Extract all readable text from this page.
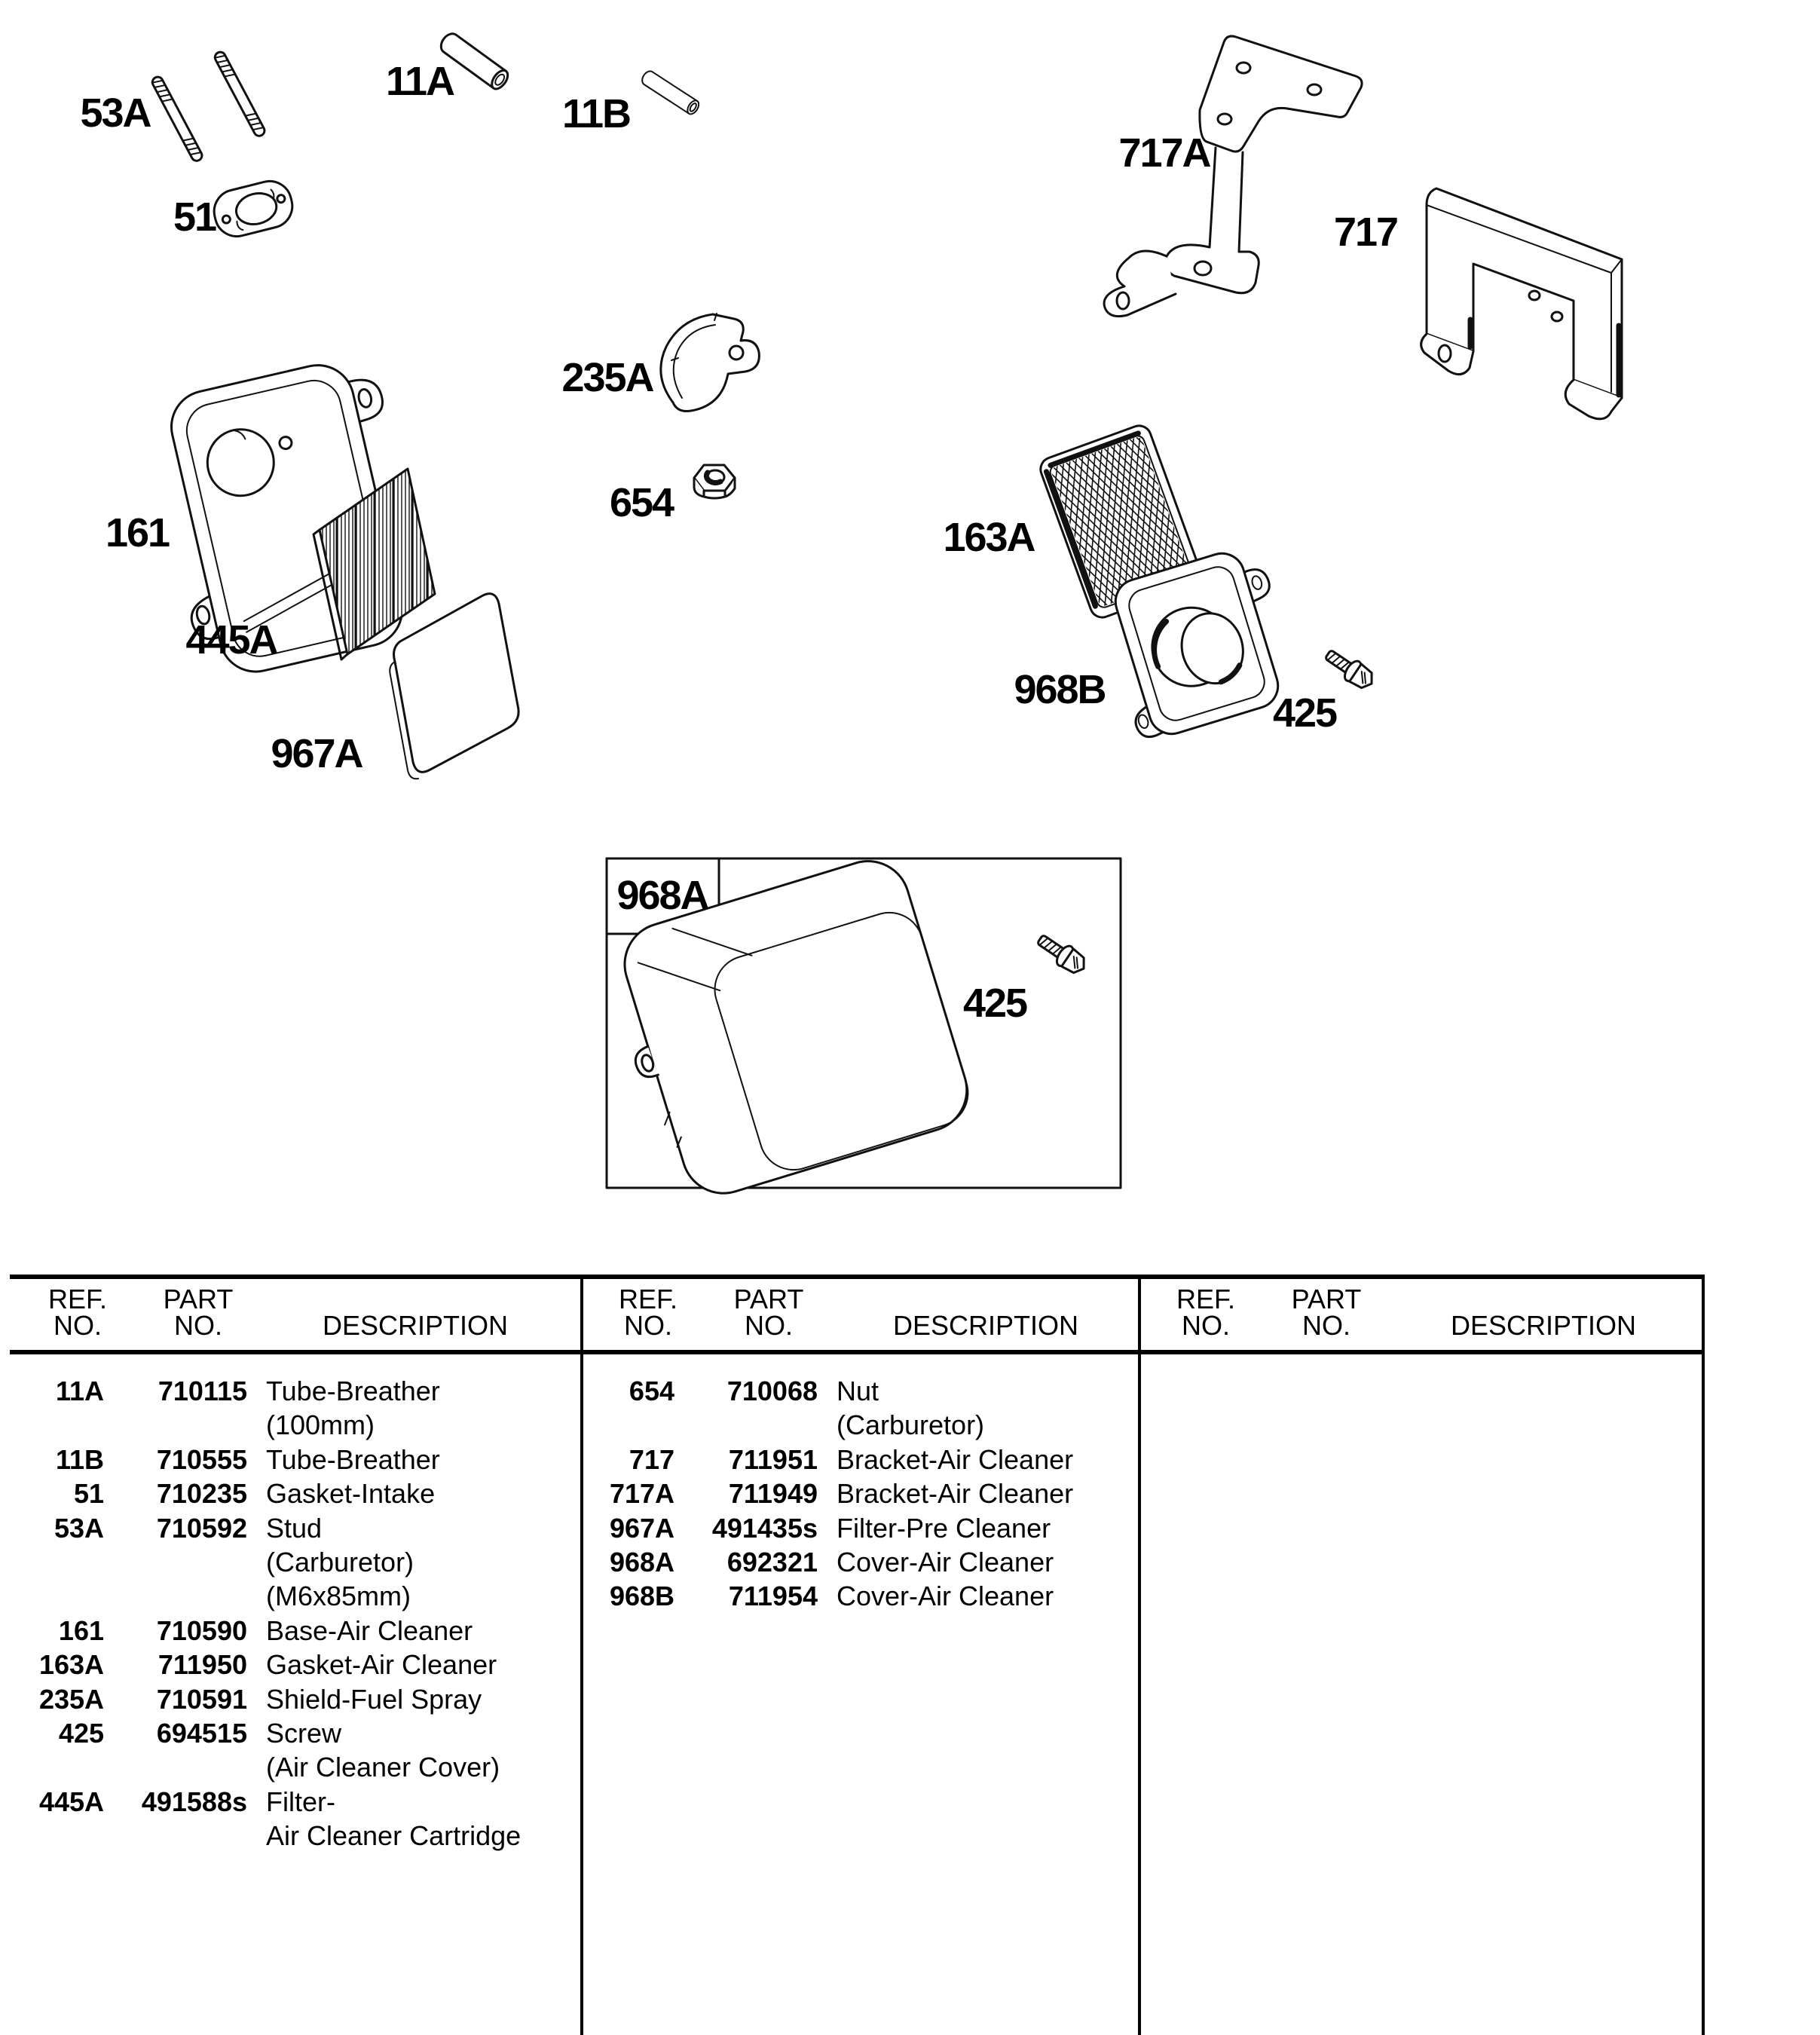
53A
11A
11B
51
717A
717
235A
654
161	163A
445A
968B
425
967A
968A
425
REF.
NO.
PART
NO.	DESCRIPTION
11A	710115 Tube-Breather
(100mm)
11B	710555 Tube-Breather
51	710235 Gasket-Intake
53A	710592 Stud
(Carburetor)
(M6x85mm)
161	710590 Base-Air Cleaner
163A	711950 Gasket-Air Cleaner
235A	710591 Shield-Fuel Spray
425	694515 Screw
(Air Cleaner Cover)
445A	491588s Filter-
Air Cleaner Cartridge
REF.
NO.
PART
NO.	DESCRIPTION
654	710068 Nut
(Carburetor)
717	711951 Bracket-Air Cleaner
717A	711949 Bracket-Air Cleaner
967A	491435s Filter-Pre Cleaner
968A	692321 Cover-Air Cleaner
968B	711954 Cover-Air Cleaner
REF.
NO.
PART
NO.	DESCRIPTION
